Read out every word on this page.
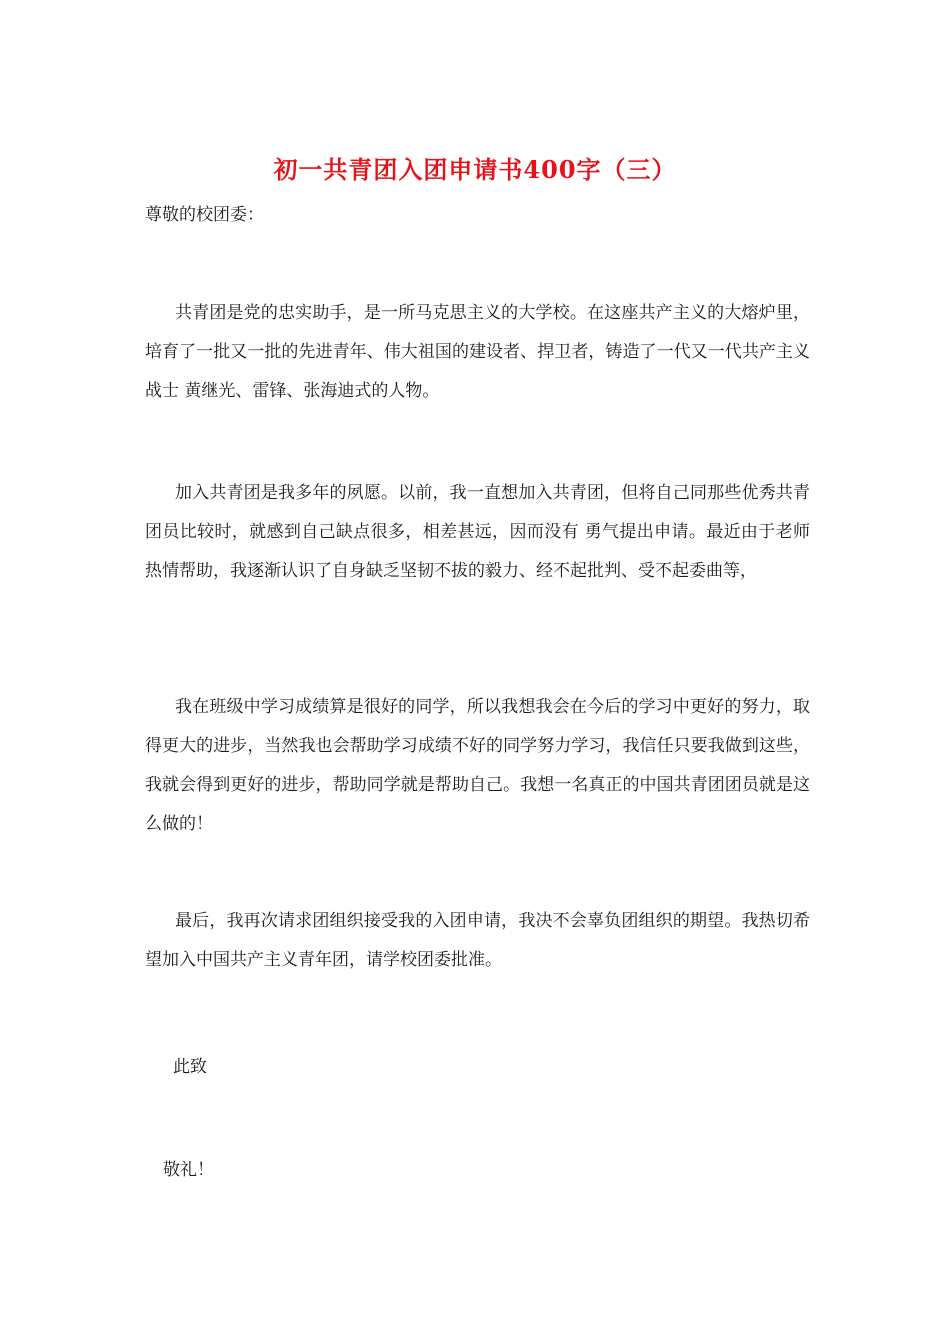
初一共青团入团申请书400字（三）
尊敬的校团委：

共青团是党的忠实助手，是一所马克思主义的大学校。在这座共产主义的大熔炉里，培育了一批又一批的先进青年、伟大祖国的建设者、捍卫者，铸造了一代又一代共产主义战士 黄继光、雷锋、张海迪式的人物。

加入共青团是我多年的夙愿。以前，我一直想加入共青团，但将自己同那些优秀共青团员比较时，就感到自己缺点很多，相差甚远，因而没有 勇气提出申请。最近由于老师热情帮助，我逐渐认识了自身缺乏坚韧不拔的毅力、经不起批判、受不起委曲等，

我在班级中学习成绩算是很好的同学，所以我想我会在今后的学习中更好的努力，取得更大的进步，当然我也会帮助学习成绩不好的同学努力学习，我信任只要我做到这些，我就会得到更好的进步，帮助同学就是帮助自己。我想一名真正的中国共青团团员就是这么做的！

最后，我再次请求团组织接受我的入团申请，我决不会辜负团组织的期望。我热切希望加入中国共产主义青年团，请学校团委批准。

此致
敬礼！
